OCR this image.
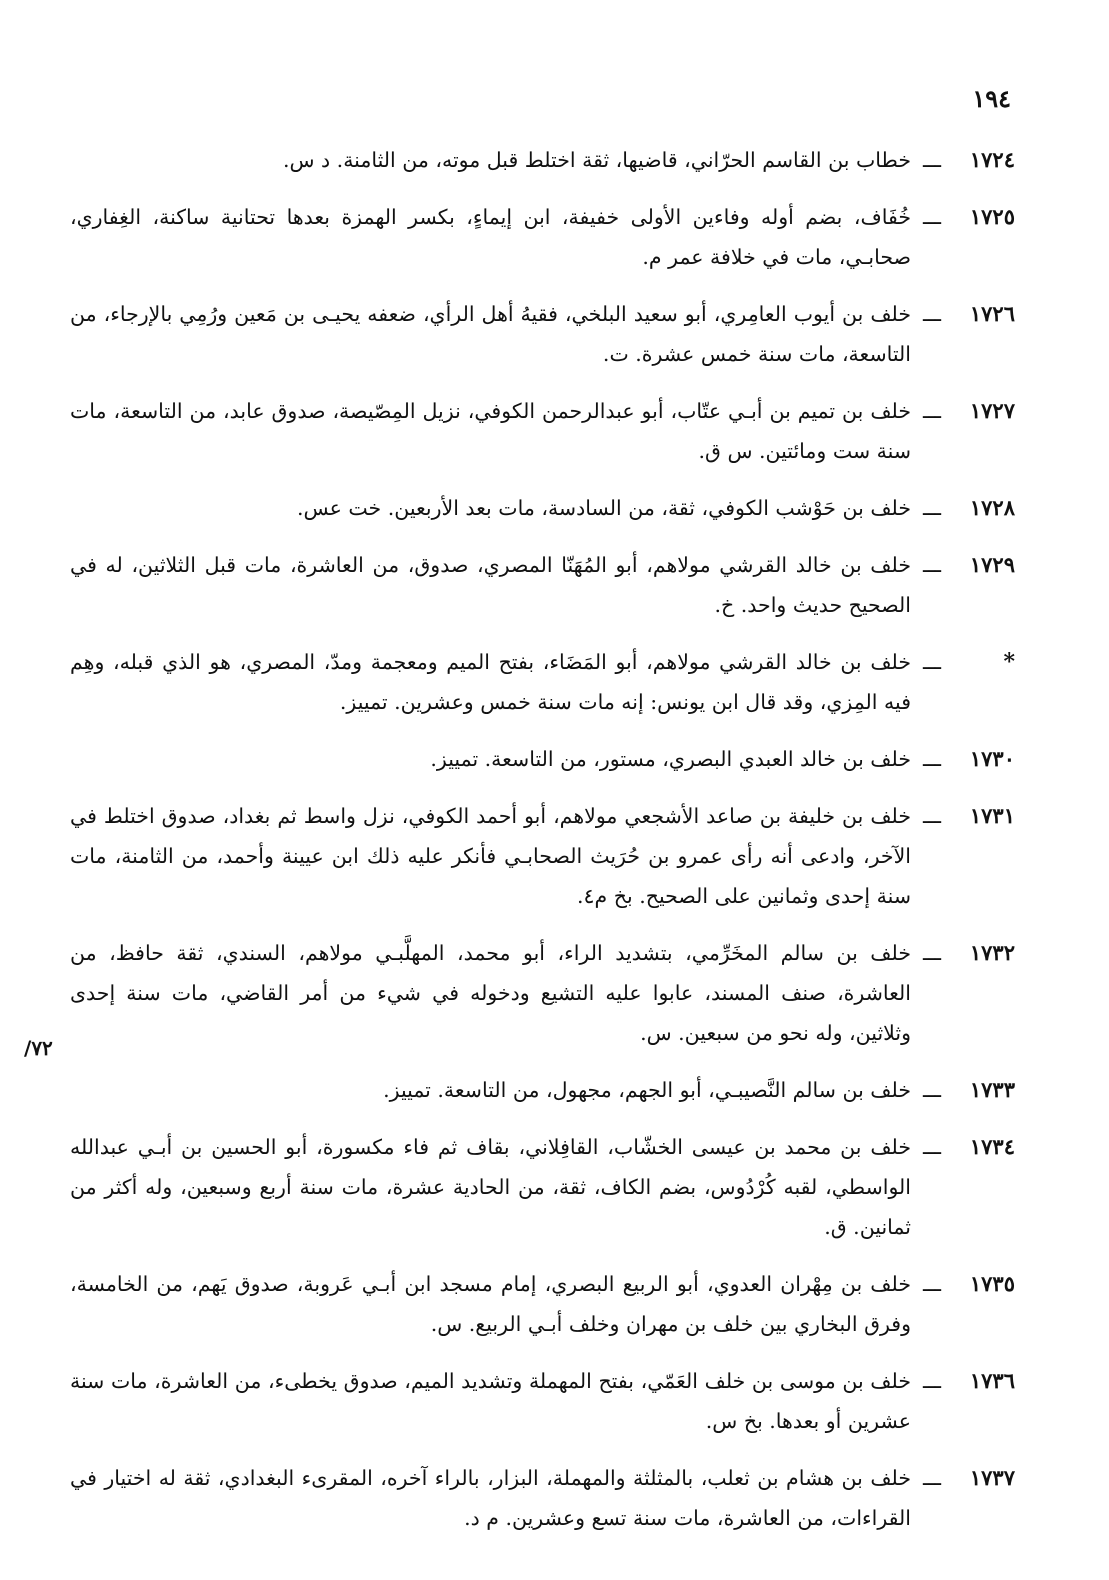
١٩٤
٧٢/
١٧٢٤
ـــ
خطاب بن القاسم الحرّاني، قاضيها، ثقة اختلط قبل موته، من الثامنة. د س.
١٧٢٥
ـــ
خُفَاف، بضم أوله وفاءين الأولى خفيفة، ابن إيماءٍ، بكسر الهمزة بعدها تحتانية ساكنة، الغِفاري، صحابـي، مات في خلافة عمر م.
١٧٢٦
ـــ
خلف بن أيوب العامِري، أبو سعيد البلخي، فقيهُ أهل الرأي، ضعفه يحيـى بن مَعين ورُمِي بالإرجاء، من التاسعة، مات سنة خمس عشرة. ت.
١٧٢٧
ـــ
خلف بن تميم بن أبـي عتّاب، أبو عبدالرحمن الكوفي، نزيل المِصّيصة، صدوق عابد، من التاسعة، مات سنة ست ومائتين. س ق.
١٧٢٨
ـــ
خلف بن حَوْشب الكوفي، ثقة، من السادسة، مات بعد الأربعين. خت عس.
١٧٢٩
ـــ
خلف بن خالد القرشي مولاهم، أبو المُهَنّا المصري، صدوق، من العاشرة، مات قبل الثلاثين، له في الصحيح حديث واحد. خ.
*
ـــ
خلف بن خالد القرشي مولاهم، أبو المَضَاء، بفتح الميم ومعجمة ومدّ، المصري، هو الذي قبله، وهِم فيه المِزي، وقد قال ابن يونس: إنه مات سنة خمس وعشرين. تمييز.
١٧٣٠
ـــ
خلف بن خالد العبدي البصري، مستور، من التاسعة. تمييز.
١٧٣١
ـــ
خلف بن خليفة بن صاعد الأشجعي مولاهم، أبو أحمد الكوفي، نزل واسط ثم بغداد، صدوق اختلط في الآخر، وادعى أنه رأى عمرو بن حُرَيث الصحابـي فأنكر عليه ذلك ابن عيينة وأحمد، من الثامنة، مات سنة إحدى وثمانين على الصحيح. بخ م٤.
١٧٣٢
ـــ
خلف بن سالم المخَرِّمي، بتشديد الراء، أبو محمد، المهلَّبـي مولاهم، السندي، ثقة حافظ، من العاشرة، صنف المسند، عابوا عليه التشيع ودخوله في شيء من أمر القاضي، مات سنة إحدى وثلاثين، وله نحو من سبعين. س.
١٧٣٣
ـــ
خلف بن سالم النَّصيبـي، أبو الجهم، مجهول، من التاسعة. تمييز.
١٧٣٤
ـــ
خلف بن محمد بن عيسى الخشّاب، القافِلاني، بقاف ثم فاء مكسورة، أبو الحسين بن أبـي عبدالله الواسطي، لقبه كُرْدُوس، بضم الكاف، ثقة، من الحادية عشرة، مات سنة أربع وسبعين، وله أكثر من ثمانين. ق.
١٧٣٥
ـــ
خلف بن مِهْران العدوي، أبو الربيع البصري، إمام مسجد ابن أبـي عَروبة، صدوق يَهم، من الخامسة، وفرق البخاري بين خلف بن مهران وخلف أبـي الربيع. س.
١٧٣٦
ـــ
خلف بن موسى بن خلف العَمّي، بفتح المهملة وتشديد الميم، صدوق يخطىء، من العاشرة، مات سنة عشرين أو بعدها. بخ س.
١٧٣٧
ـــ
خلف بن هشام بن ثعلب، بالمثلثة والمهملة، البزار، بالراء آخره، المقرىء البغدادي، ثقة له اختيار في القراءات، من العاشرة، مات سنة تسع وعشرين. م د.
